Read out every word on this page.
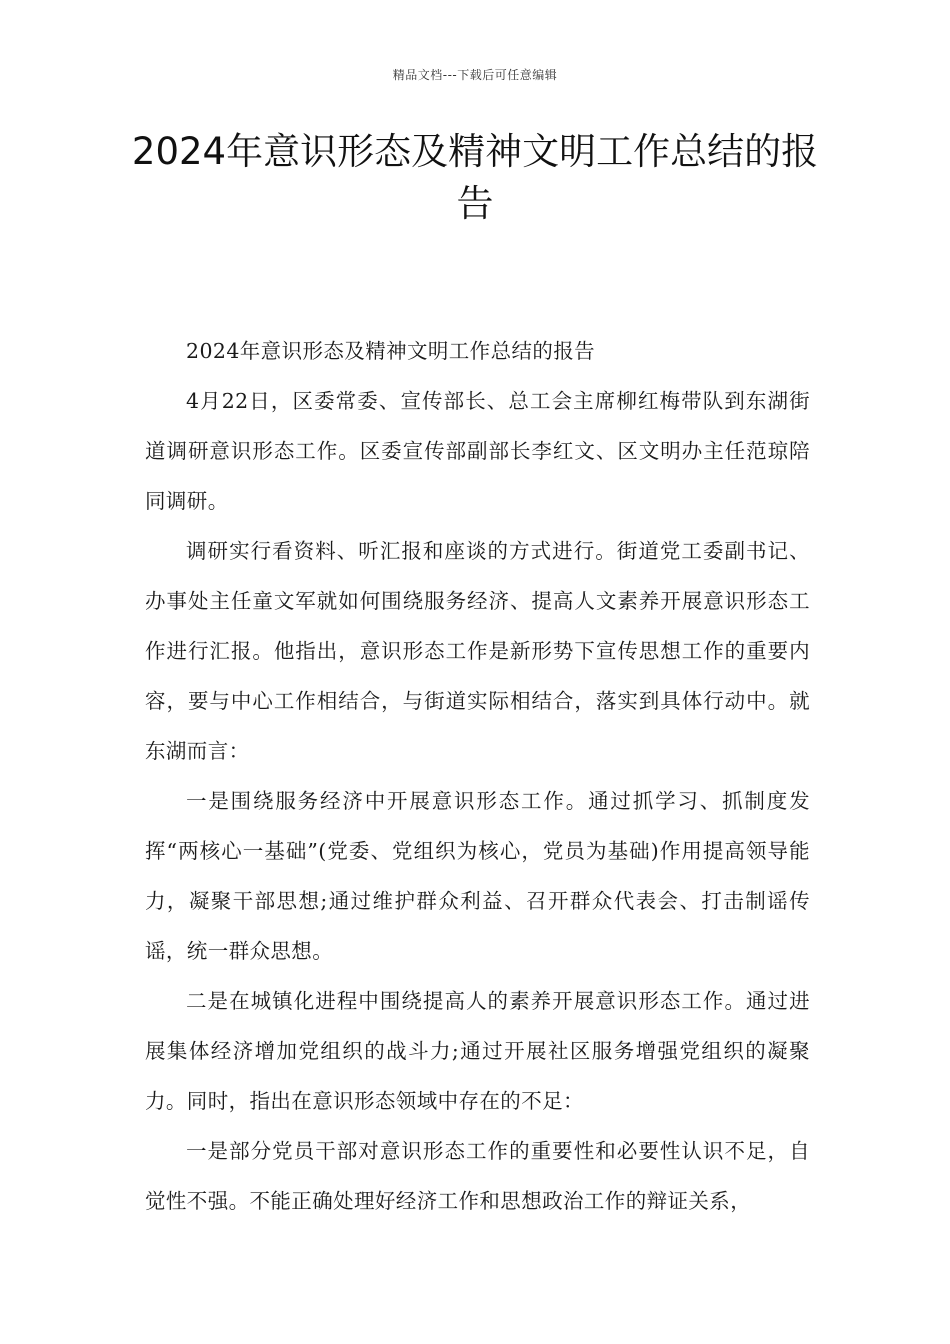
精品文档---下载后可任意编辑
2024年意识形态及精神文明工作总结的报告

2024年意识形态及精神文明工作总结的报告

4月22日，区委常委、宣传部长、总工会主席柳红梅带队到东湖街道调研意识形态工作。区委宣传部副部长李红文、区文明办主任范琼陪同调研。

调研实行看资料、听汇报和座谈的方式进行。街道党工委副书记、办事处主任童文军就如何围绕服务经济、提高人文素养开展意识形态工作进行汇报。他指出，意识形态工作是新形势下宣传思想工作的重要内容，要与中心工作相结合，与街道实际相结合，落实到具体行动中。就东湖而言：

一是围绕服务经济中开展意识形态工作。通过抓学习、抓制度发挥“两核心一基础”(党委、党组织为核心，党员为基础)作用提高领导能力，凝聚干部思想;通过维护群众利益、召开群众代表会、打击制谣传谣，统一群众思想。

二是在城镇化进程中围绕提高人的素养开展意识形态工作。通过进展集体经济增加党组织的战斗力;通过开展社区服务增强党组织的凝聚力。同时，指出在意识形态领域中存在的不足：

一是部分党员干部对意识形态工作的重要性和必要性认识不足，自觉性不强。不能正确处理好经济工作和思想政治工作的辩证关系，
